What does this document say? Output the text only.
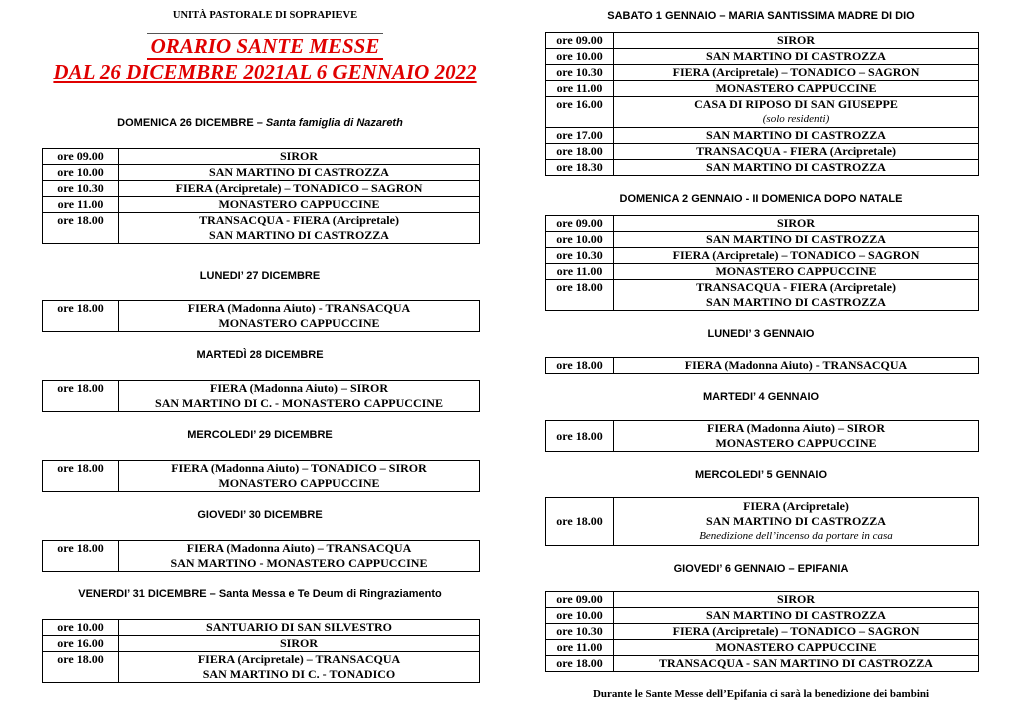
UNITÀ PASTORALE DI SOPRAPIEVE
ORARIO SANTE MESSE
DAL 26 DICEMBRE 2021AL 6 GENNAIO 2022
DOMENICA 26 DICEMBRE – Santa famiglia di Nazareth
ore 09.00	SIROR
ore 10.00	SAN MARTINO DI CASTROZZA
ore 10.30	FIERA (Arcipretale) – TONADICO – SAGRON
ore 11.00	MONASTERO CAPPUCCINE
ore 18.00	TRANSACQUA - FIERA (Arcipretale)
SAN MARTINO DI CASTROZZA
LUNEDI’ 27 DICEMBRE
ore 18.00	FIERA (Madonna Aiuto) - TRANSACQUA
MONASTERO CAPPUCCINE
MARTEDÌ 28 DICEMBRE
ore 18.00	FIERA (Madonna Aiuto) – SIROR
SAN MARTINO DI C. - MONASTERO CAPPUCCINE
MERCOLEDI’ 29 DICEMBRE
ore 18.00	FIERA (Madonna Aiuto) – TONADICO – SIROR
MONASTERO CAPPUCCINE
GIOVEDI’ 30 DICEMBRE
ore 18.00	FIERA (Madonna Aiuto) – TRANSACQUA
SAN MARTINO - MONASTERO CAPPUCCINE
VENERDI’ 31 DICEMBRE – Santa Messa e Te Deum di Ringraziamento
ore 10.00	SANTUARIO DI SAN SILVESTRO
ore 16.00	SIROR
ore 18.00	FIERA (Arcipretale) – TRANSACQUA
SAN MARTINO DI C. - TONADICO
SABATO 1 GENNAIO – MARIA SANTISSIMA MADRE DI DIO
ore 09.00	SIROR
ore 10.00	SAN MARTINO DI CASTROZZA
ore 10.30	FIERA (Arcipretale) – TONADICO – SAGRON
ore 11.00	MONASTERO CAPPUCCINE
ore 16.00	CASA DI RIPOSO DI SAN GIUSEPPE
(solo residenti)

ore 17.00	SAN MARTINO DI CASTROZZA
ore 18.00	TRANSACQUA - FIERA (Arcipretale)
ore 18.30	SAN MARTINO DI CASTROZZA
DOMENICA 2 GENNAIO - II DOMENICA DOPO NATALE
ore 09.00	SIROR
ore 10.00	SAN MARTINO DI CASTROZZA
ore 10.30	FIERA (Arcipretale) – TONADICO – SAGRON
ore 11.00	MONASTERO CAPPUCCINE
ore 18.00	TRANSACQUA - FIERA (Arcipretale)
SAN MARTINO DI CASTROZZA
LUNEDI’ 3 GENNAIO
ore 18.00	FIERA (Madonna Aiuto) - TRANSACQUA
MARTEDI’ 4 GENNAIO
ore 18.00	
FIERA (Madonna Aiuto) – SIROR
MONASTERO CAPPUCCINE
MERCOLEDI’ 5 GENNAIO
ore 18.00	
FIERA (Arcipretale)
SAN MARTINO DI CASTROZZA
Benedizione dell’incenso da portare in casa
GIOVEDI’ 6 GENNAIO – EPIFANIA
ore 09.00	SIROR
ore 10.00	SAN MARTINO DI CASTROZZA
ore 10.30	FIERA (Arcipretale) – TONADICO – SAGRON
ore 11.00	MONASTERO CAPPUCCINE
ore 18.00	TRANSACQUA - SAN MARTINO DI CASTROZZA
Durante le Sante Messe dell’Epifania ci sarà la benedizione dei bambini
